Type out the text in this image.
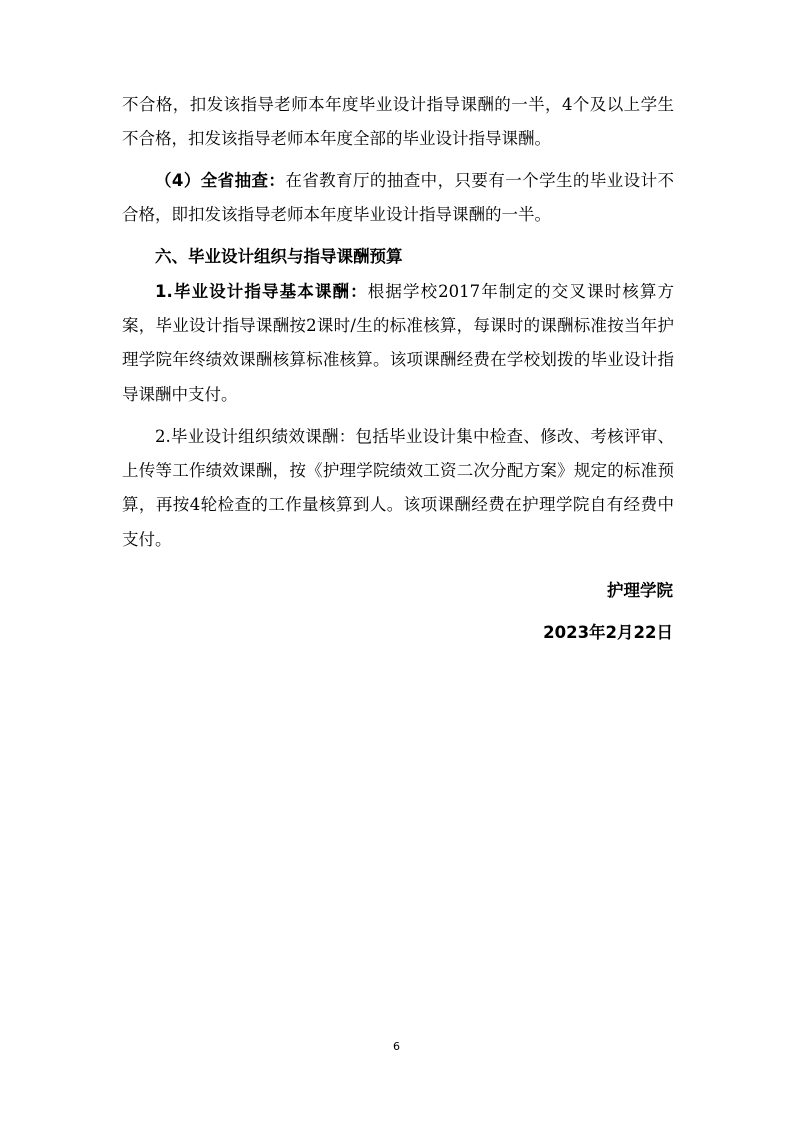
不合格，扣发该指导老师本年度毕业设计指导课酬的一半，4个及以上学生不合格，扣发该指导老师本年度全部的毕业设计指导课酬。

（4）全省抽查：在省教育厅的抽查中，只要有一个学生的毕业设计不合格，即扣发该指导老师本年度毕业设计指导课酬的一半。

六、毕业设计组织与指导课酬预算

1.毕业设计指导基本课酬：根据学校2017年制定的交叉课时核算方案，毕业设计指导课酬按2课时/生的标准核算，每课时的课酬标准按当年护理学院年终绩效课酬核算标准核算。该项课酬经费在学校划拨的毕业设计指导课酬中支付。

2.毕业设计组织绩效课酬：包括毕业设计集中检查、修改、考核评审、上传等工作绩效课酬，按《护理学院绩效工资二次分配方案》规定的标准预算，再按4轮检查的工作量核算到人。该项课酬经费在护理学院自有经费中支付。

护理学院

2023年2月22日

6
